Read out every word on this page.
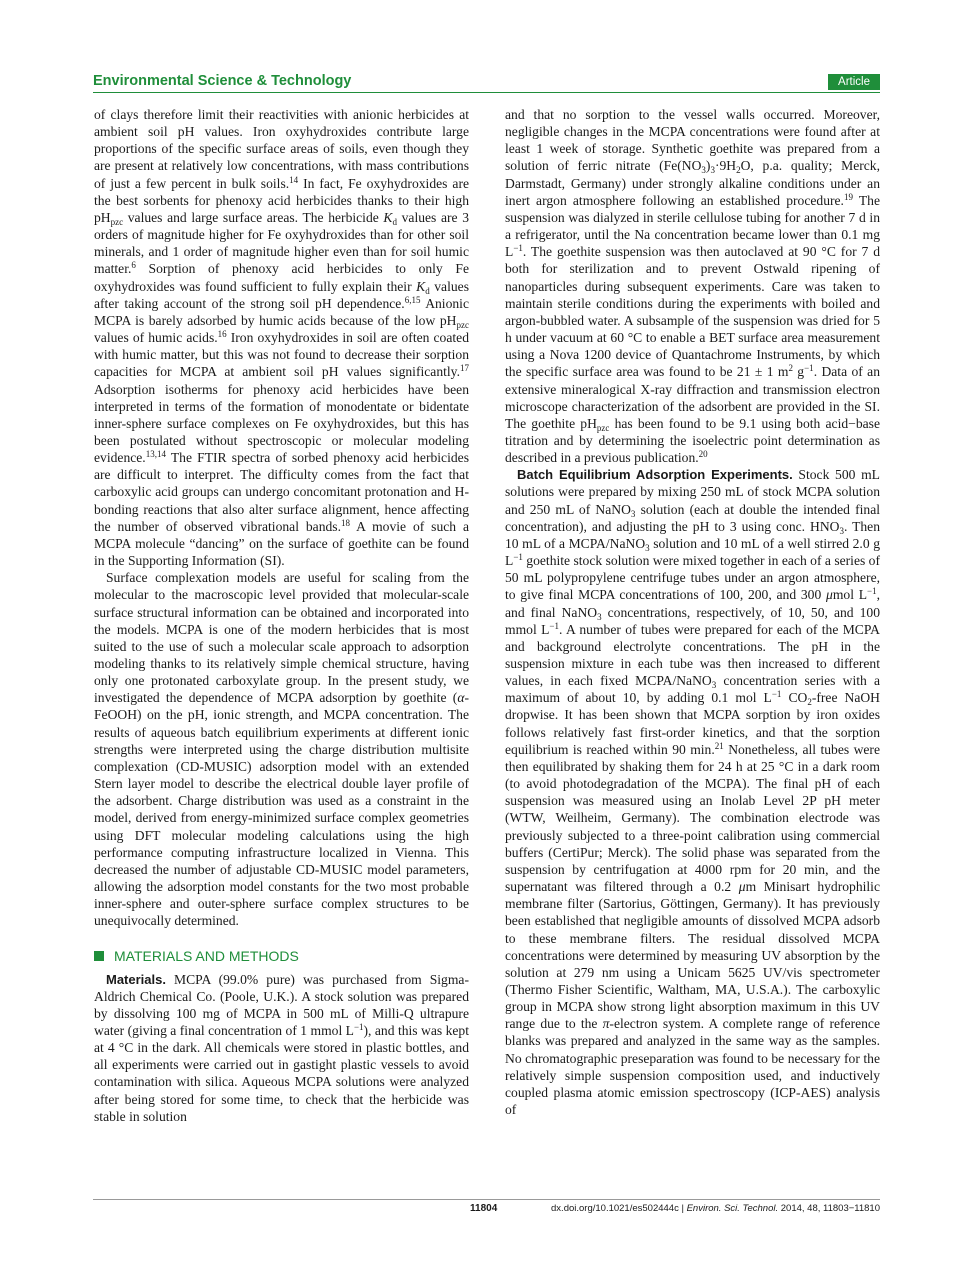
Environmental Science & Technology	Article

of clays therefore limit their reactivities with anionic herbicides at ambient soil pH values. Iron oxyhydroxides contribute large proportions of the specific surface areas of soils, even though they are present at relatively low concentrations, with mass contributions of just a few percent in bulk soils.$^{14}$ In fact, Fe oxyhydroxides are the best sorbents for phenoxy acid herbicides thanks to their high $pH_{pzc}$ values and large surface areas. The herbicide $K_d$ values are 3 orders of magnitude higher for Fe oxyhydroxides than for other soil minerals, and 1 order of magnitude higher even than for soil humic matter.$^6$ Sorption of phenoxy acid herbicides to only Fe oxyhydroxides was found sufficient to fully explain their $K_d$ values after taking account of the strong soil pH dependence.$^{6,15}$ Anionic MCPA is barely adsorbed by humic acids because of the low $pH_{pzc}$ values of humic acids.$^{16}$ Iron oxyhydroxides in soil are often coated with humic matter, but this was not found to decrease their sorption capacities for MCPA at ambient soil pH values significantly.$^{17}$ Adsorption isotherms for phenoxy acid herbicides have been interpreted in terms of the formation of monodentate or bidentate inner-sphere surface complexes on Fe oxyhydroxides, but this has been postulated without spectroscopic or molecular modeling evidence.$^{13,14}$ The FTIR spectra of sorbed phenoxy acid herbicides are difficult to interpret. The difficulty comes from the fact that carboxylic acid groups can undergo concomitant protonation and H-bonding reactions that also alter surface alignment, hence affecting the number of observed vibrational bands.$^{18}$ A movie of such a MCPA molecule “dancing” on the surface of goethite can be found in the Supporting Information (SI).

Surface complexation models are useful for scaling from the molecular to the macroscopic level provided that molecular-scale surface structural information can be obtained and incorporated into the models. MCPA is one of the modern herbicides that is most suited to the use of such a molecular scale approach to adsorption modeling thanks to its relatively simple chemical structure, having only one protonated carboxylate group. In the present study, we investigated the dependence of MCPA adsorption by goethite (α-FeOOH) on the pH, ionic strength, and MCPA concentration. The results of aqueous batch equilibrium experiments at different ionic strengths were interpreted using the charge distribution multisite complexation (CD-MUSIC) adsorption model with an extended Stern layer model to describe the electrical double layer profile of the adsorbent. Charge distribution was used as a constraint in the model, derived from energy-minimized surface complex geometries using DFT molecular modeling calculations using the high performance computing infrastructure localized in Vienna. This decreased the number of adjustable CD-MUSIC model parameters, allowing the adsorption model constants for the two most probable inner-sphere and outer-sphere surface complex structures to be unequivocally determined.

MATERIALS AND METHODS

Materials. MCPA (99.0% pure) was purchased from Sigma-Aldrich Chemical Co. (Poole, U.K.). A stock solution was prepared by dissolving 100 mg of MCPA in 500 mL of Milli-Q ultrapure water (giving a final concentration of 1 mmol $L^{-1}$), and this was kept at 4 °C in the dark. All chemicals were stored in plastic bottles, and all experiments were carried out in gastight plastic vessels to avoid contamination with silica. Aqueous MCPA solutions were analyzed after being stored for some time, to check that the herbicide was stable in solution

and that no sorption to the vessel walls occurred. Moreover, negligible changes in the MCPA concentrations were found after at least 1 week of storage. Synthetic goethite was prepared from a solution of ferric nitrate ($Fe(NO_3)_3\cdot 9H_2O$, p.a. quality; Merck, Darmstadt, Germany) under strongly alkaline conditions under an inert argon atmosphere following an established procedure.$^{19}$ The suspension was dialyzed in sterile cellulose tubing for another 7 d in a refrigerator, until the Na concentration became lower than 0.1 mg $L^{-1}$. The goethite suspension was then autoclaved at 90 °C for 7 d both for sterilization and to prevent Ostwald ripening of nanoparticles during subsequent experiments. Care was taken to maintain sterile conditions during the experiments with boiled and argon-bubbled water. A subsample of the suspension was dried for 5 h under vacuum at 60 °C to enable a BET surface area measurement using a Nova 1200 device of Quantachrome Instruments, by which the specific surface area was found to be 21 ± 1 $m^2$ $g^{-1}$. Data of an extensive mineralogical X-ray diffraction and transmission electron microscope characterization of the adsorbent are provided in the SI. The goethite $pH_{pzc}$ has been found to be 9.1 using both acid−base titration and by determining the isoelectric point determination as described in a previous publication.$^{20}$

Batch Equilibrium Adsorption Experiments. Stock 500 mL solutions were prepared by mixing 250 mL of stock MCPA solution and 250 mL of NaNO$_3$ solution (each at double the intended final concentration), and adjusting the pH to 3 using conc. $HNO_3$. Then 10 mL of a MCPA/NaNO$_3$ solution and 10 mL of a well stirred 2.0 g $L^{-1}$ goethite stock solution were mixed together in each of a series of 50 mL polypropylene centrifuge tubes under an argon atmosphere, to give final MCPA concentrations of 100, 200, and 300 μmol $L^{-1}$, and final NaNO$_3$ concentrations, respectively, of 10, 50, and 100 mmol $L^{-1}$. A number of tubes were prepared for each of the MCPA and background electrolyte concentrations. The pH in the suspension mixture in each tube was then increased to different values, in each fixed MCPA/NaNO$_3$ concentration series with a maximum of about 10, by adding 0.1 mol $L^{-1}$ $CO_2$-free NaOH dropwise. It has been shown that MCPA sorption by iron oxides follows relatively fast first-order kinetics, and that the sorption equilibrium is reached within 90 min.$^{21}$ Nonetheless, all tubes were then equilibrated by shaking them for 24 h at 25 °C in a dark room (to avoid photodegradation of the MCPA). The final pH of each suspension was measured using an Inolab Level 2P pH meter (WTW, Weilheim, Germany). The combination electrode was previously subjected to a three-point calibration using commercial buffers (CertiPur; Merck). The solid phase was separated from the suspension by centrifugation at 4000 rpm for 20 min, and the supernatant was filtered through a 0.2 μm Minisart hydrophilic membrane filter (Sartorius, Göttingen, Germany). It has previously been established that negligible amounts of dissolved MCPA adsorb to these membrane filters. The residual dissolved MCPA concentrations were determined by measuring UV absorption by the solution at 279 nm using a Unicam 5625 UV/vis spectrometer (Thermo Fisher Scientific, Waltham, MA, U.S.A.). The carboxylic group in MCPA show strong light absorption maximum in this UV range due to the π-electron system. A complete range of reference blanks was prepared and analyzed in the same way as the samples. No chromatographic preseparation was found to be necessary for the relatively simple suspension composition used, and inductively coupled plasma atomic emission spectroscopy (ICP-AES) analysis of

11804	dx.doi.org/10.1021/es502444c | Environ. Sci. Technol. 2014, 48, 11803−11810
